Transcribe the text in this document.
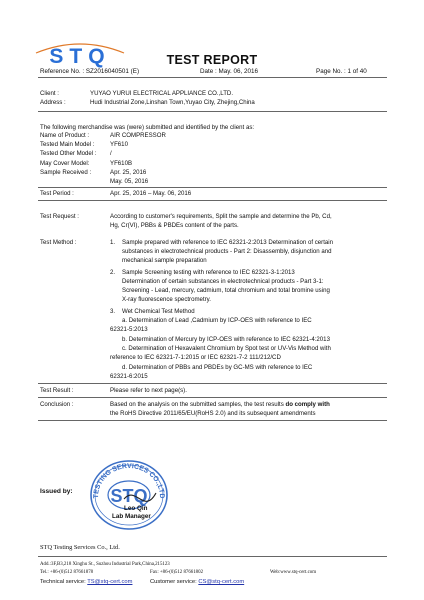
STQ	TEST REPORT
Reference No. : SZ2016040501 (E)	Date : May. 06, 2016	Page No. : 1 of 40
Client :	YUYAO YURUI ELECTRICAL APPLIANCE CO.,LTD.
Address :	Hudi Industrial Zone,Linshan Town,Yuyao City, Zhejing,China
The following merchandise was (were) submitted and identified by the client as:
Name of Product :	AIR COMPRESSOR
Tested Main Model :	YF610
Tested Other Model : /
May Cover Model:	YF610B
Sample Received :	Apr. 25, 2016
May. 05, 2016
Test Period :	Apr. 25, 2016 – May. 06, 2016
Test Request :	According to customer's requirements, Split the sample and determine the Pb, Cd,
Hg, Cr(VI), PBBs & PBDEs content of the parts.
Test Method :	1. Sample prepared with reference to IEC 62321-2:2013 Determination of certain
substances in electrotechnical products - Part 2: Disassembly, disjunction and
mechanical sample preparation
2. Sample Screening testing with reference to IEC 62321-3-1:2013
Determination of certain substances in electrotechnical products - Part 3-1:
Screening - Lead, mercury, cadmium, total chromium and total bromine using
X-ray fluorescence spectrometry.
3. Wet Chemical Test Method
a. Determination of Lead ,Cadmium by ICP-OES with reference to IEC
62321-5:2013
b. Determination of Mercury by ICP-OES with reference to IEC 62321-4:2013
c. Determination of Hexavalent Chromium by Spot test or UV-Vis Method with
reference to IEC 62321-7-1:2015 or IEC 62321-7-2 111/212/CD
d. Determination of PBBs and PBDEs by GC-MS with reference to IEC
62321-6:2015
Test Result :	Please refer to next page(s).
Conclusion :	Based on the analysis on the submitted samples, the test results do comply with
the RoHS Directive 2011/65/EU(RoHS 2.0) and its subsequent amendments
Issued by:
TESTING SERVICES CO.,LTD
STQ
Leo Qin
Lab Manager
STQ Testing Services Co., Ltd.
Add.:3F,B3,218 Xinghu St., Suzhou Industrial Park,China,215123
Tel.: +86-(0)512 87661878	Fax: +86-(0)512 87661802	Web:www.stq-cert.com
Technical service: TS@stq-cert.com	Customer service: CS@stq-cert.com
